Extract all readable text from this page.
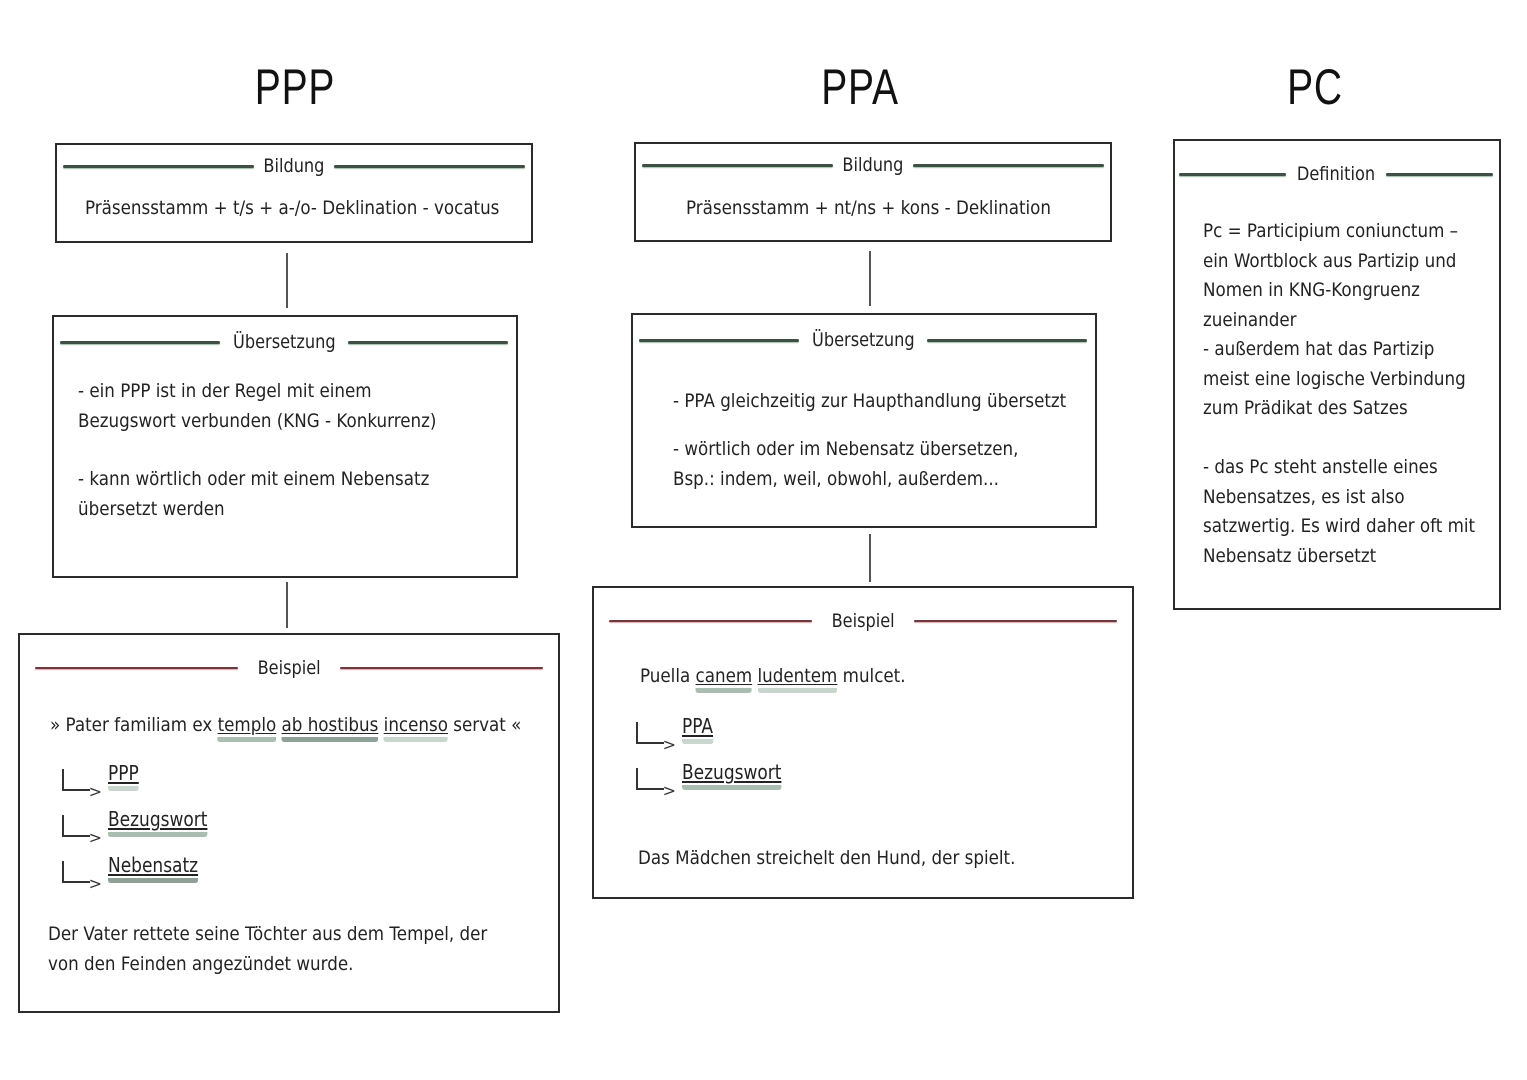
PPP	PPA	PC
Bildung
Präsensstamm + t/s + a-/o- Deklination - vocatus
Übersetzung
- ein PPP ist in der Regel mit einem Bezugswort verbunden (KNG - Konkurrenz)
- kann wörtlich oder mit einem Nebensatz übersetzt werden
Beispiel
» Pater familiam ex templo ab hostibus incenso servat «
>
PPP
>
Bezugswort
>
Nebensatz
Der Vater rettete seine Töchter aus dem Tempel, der von den Feinden angezündet wurde.
Bildung
Präsensstamm + nt/ns + kons - Deklination
Übersetzung
- PPA gleichzeitig zur Haupthandlung übersetzt
- wörtlich oder im Nebensatz übersetzen, Bsp.: indem, weil, obwohl, außerdem...
Beispiel
Puella canem ludentem mulcet.
>
PPA
>
Bezugswort
Das Mädchen streichelt den Hund, der spielt.
Definition
Pc = Participium coniunctum – ein Wortblock aus Partizip und Nomen in KNG-Kongruenz zueinander
- außerdem hat das Partizip meist eine logische Verbindung zum Prädikat des Satzes
- das Pc steht anstelle eines Nebensatzes, es ist also satzwertig. Es wird daher oft mit Nebensatz übersetzt
